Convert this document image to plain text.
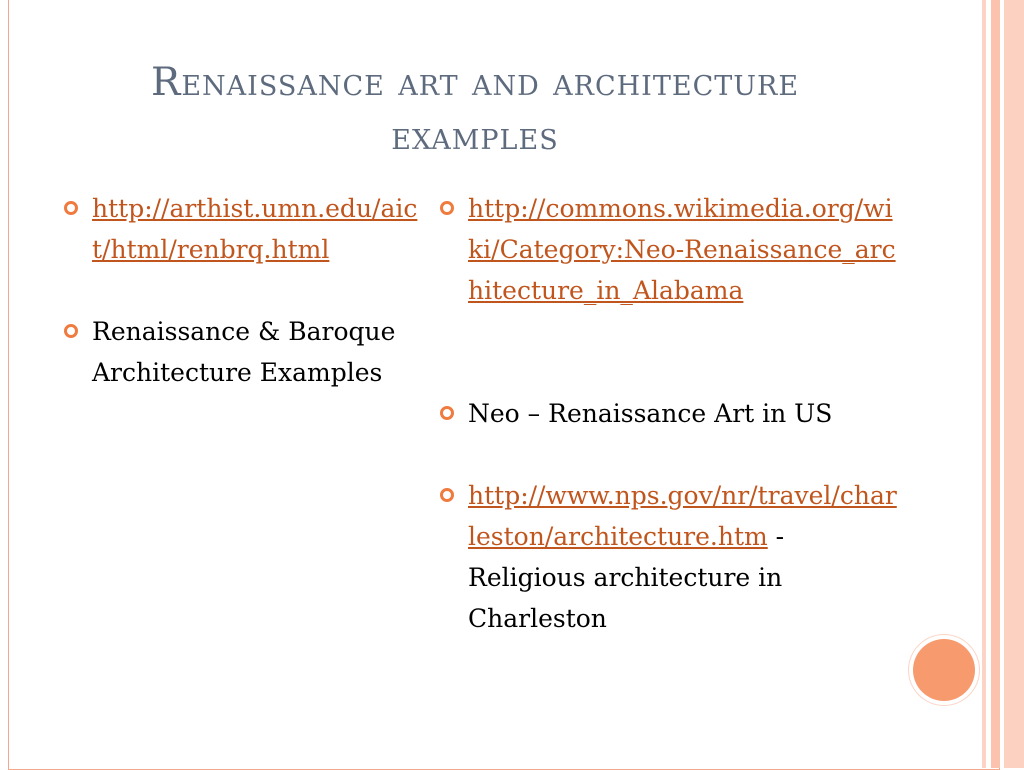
Renaissance art and architecture
examples
http://arthist.umn.edu/aict/html/renbrq.html
Renaissance & Baroque Architecture Examples
http://commons.wikimedia.org/wiki/Category:Neo-Renaissance_architecture_in_Alabama
Neo – Renaissance Art in US
http://www.nps.gov/nr/travel/charleston/architecture.htm - Religious architecture in Charleston
